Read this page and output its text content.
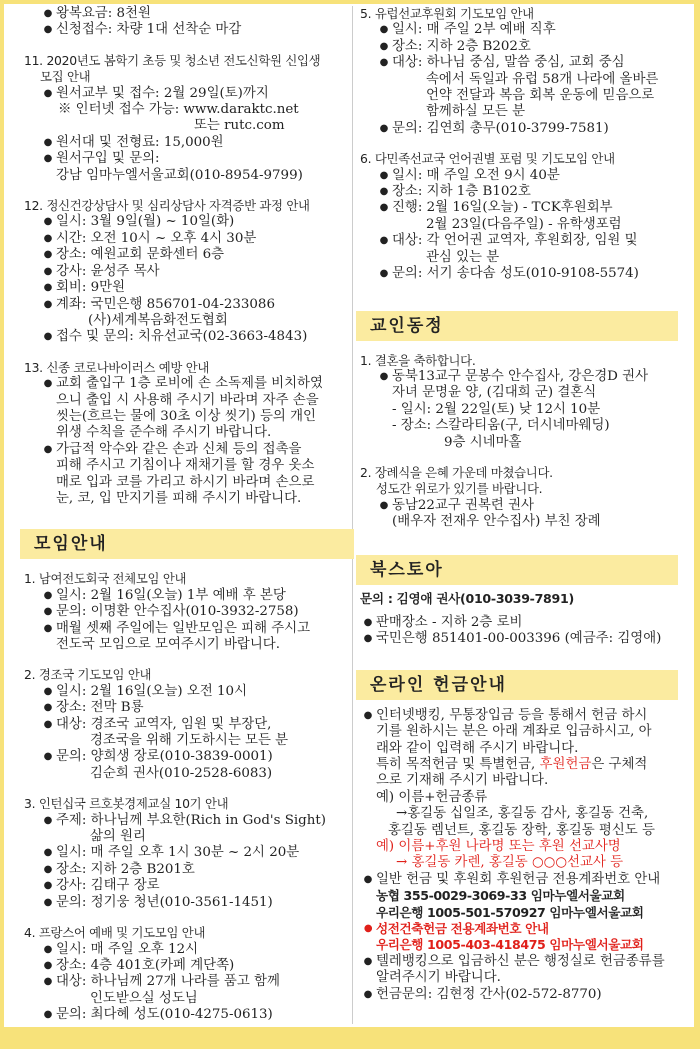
● 왕복요금: 8천원
● 신청접수: 차량 1대 선착순 마감
11. 2020년도 봄학기 초등 및 청소년 전도신학원 신입생
모집 안내
● 원서교부 및 접수: 2월 29일(토)까지
※ 인터넷 접수 가능: www.daraktc.net
또는 rutc.com
● 원서대 및 전형료: 15,000원
● 원서구입 및 문의:
강남 임마누엘서울교회(010-8954-9799)
12. 정신건강상담사 및 심리상담사 자격증반 과정 안내
● 일시: 3월 9일(월) ~ 10일(화)
● 시간: 오전 10시 ~ 오후 4시 30분
● 장소: 예원교회 문화센터 6층
● 강사: 윤성주 목사
● 회비: 9만원
● 계좌: 국민은행 856701-04-233086
(사)세계복음화전도협회
● 접수 및 문의: 치유선교국(02-3663-4843)
13. 신종 코로나바이러스 예방 안내
● 교회 출입구 1층 로비에 손 소독제를 비치하였
으니 출입 시 사용해 주시기 바라며 자주 손을
씻는(흐르는 물에 30초 이상 씻기) 등의 개인
위생 수칙을 준수해 주시기 바랍니다.
● 가급적 악수와 같은 손과 신체 등의 접촉을
피해 주시고 기침이나 재채기를 할 경우 옷소
매로 입과 코를 가리고 하시기 바라며 손으로
눈, 코, 입 만지기를 피해 주시기 바랍니다.
모임안내
1. 남여전도회국 전체모임 안내
● 일시: 2월 16일(오늘) 1부 예배 후 본당
● 문의: 이명환 안수집사(010-3932-2758)
● 매월 셋째 주일에는 일반모임은 피해 주시고
전도국 모임으로 모여주시기 바랍니다.
2. 경조국 기도모임 안내
● 일시: 2월 16일(오늘) 오전 10시
● 장소: 전막 B룡
● 대상: 경조국 교역자, 임원 및 부장단,
경조국을 위해 기도하시는 모든 분
● 문의: 양희생 장로(010-3839-0001)
김순희 권사(010-2528-6083)
3. 인턴십국 르호봇경제교실 10기 안내
● 주제: 하나님께 부요한(Rich in God's Sight)
삶의 원리
● 일시: 매 주일 오후 1시 30분 ~ 2시 20분
● 장소: 지하 2층 B201호
● 강사: 김태구 장로
● 문의: 정기웅 청년(010-3561-1451)
4. 프랑스어 예배 및 기도모임 안내
● 일시: 매 주일 오후 12시
● 장소: 4층 401호(카페 계단쪽)
● 대상: 하나님께 27개 나라를 품고 함께
인도받으실 성도님
● 문의: 최다혜 성도(010-4275-0613)
5. 유럽선교후원회 기도모임 안내
● 일시: 매 주일 2부 예배 직후
● 장소: 지하 2층 B202호
● 대상: 하나님 중심, 말씀 중심, 교회 중심
속에서 독일과 유럽 58개 나라에 올바른
언약 전달과 복음 회복 운동에 믿음으로
함께하실 모든 분
● 문의: 김연희 총무(010-3799-7581)
6. 다민족선교국 언어권별 포럼 및 기도모임 안내
● 일시: 매 주일 오전 9시 40분
● 장소: 지하 1층 B102호
● 진행: 2월 16일(오늘) - TCK후원회부
2월 23일(다음주일) - 유학생포럼
● 대상: 각 언어권 교역자, 후원회장, 임원 및
관심 있는 분
● 문의: 서기 송다솜 성도(010-9108-5574)
교인동정
1. 결혼을 축하합니다.
● 동북13교구 문봉수 안수집사, 강은경D 권사
자녀 문명윤 양, (김대희 군) 결혼식
- 일시: 2월 22일(토) 낮 12시 10분
- 장소: 스칼라티움(구, 더시네마웨딩)
9층 시네마홀
2. 장례식을 은혜 가운데 마쳤습니다.
성도간 위로가 있기를 바랍니다.
● 동남22교구 권복련 권사
(배우자 전재우 안수집사) 부친 장례
북스토아
문의 : 김영애 권사(010-3039-7891)
● 판매장소 - 지하 2층 로비
● 국민은행 851401-00-003396 (예금주: 김영애)
온라인 헌금안내
● 인터넷뱅킹, 무통장입금 등을 통해서 헌금 하시
기를 원하시는 분은 아래 계좌로 입금하시고, 아
래와 같이 입력해 주시기 바랍니다.
특히 목적헌금 및 특별헌금, 후원헌금은 구체적
으로 기재해 주시기 바랍니다.
예) 이름+헌금종류
→홍길동 십일조, 홍길동 감사, 홍길동 건축,
홍길동 렘넌트, 홍길동 장학, 홍길동 평신도 등
예) 이름+후원 나라명 또는 후원 선교사명
→ 홍길동 카렌, 홍길동 ○○○선교사 등
● 일반 헌금 및 후원회 후원헌금 전용계좌번호 안내
농협 355-0029-3069-33 임마누엘서울교회
우리은행 1005-501-570927 임마누엘서울교회
● 성전건축헌금 전용계좌번호 안내
우리은행 1005-403-418475 임마누엘서울교회
● 텔레뱅킹으로 입금하신 분은 행정실로 헌금종류를
알려주시기 바랍니다.
● 헌금문의: 김현정 간사(02-572-8770)
